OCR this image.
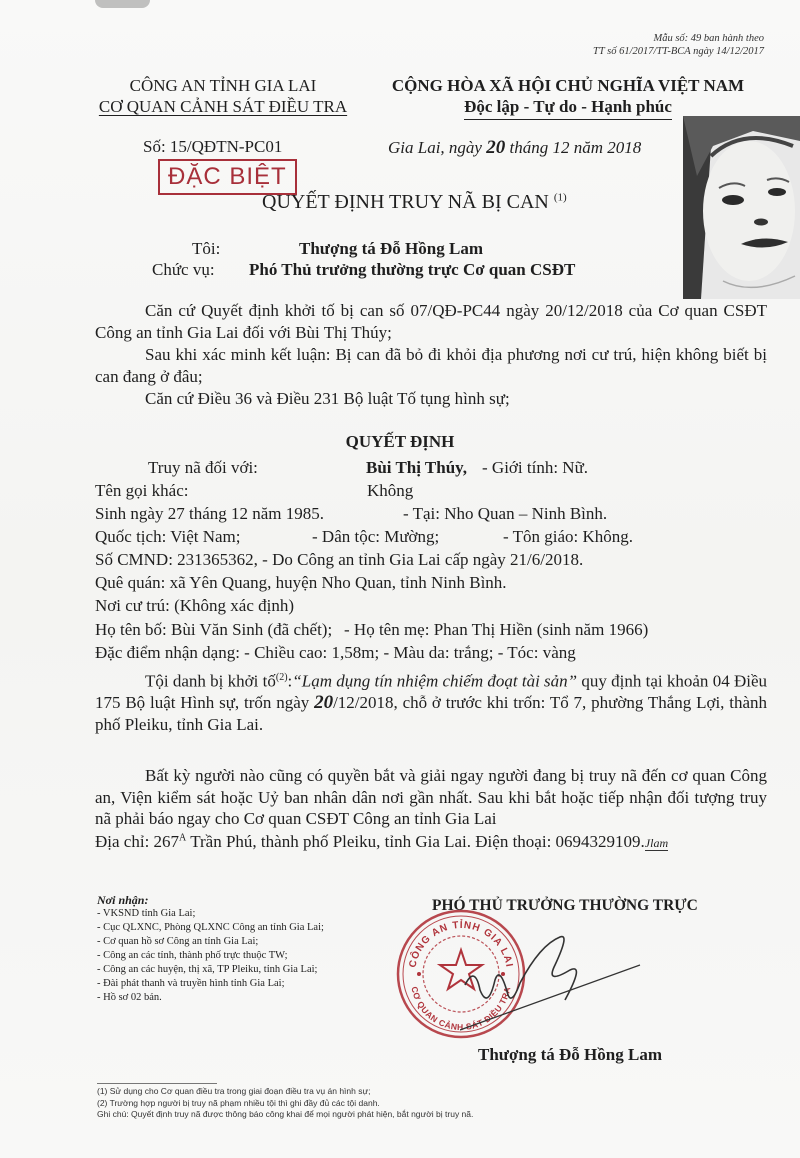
Mẫu số: 49 ban hành theo
TT số 61/2017/TT-BCA ngày 14/12/2017
CÔNG AN TỈNH GIA LAI
CƠ QUAN CẢNH SÁT ĐIỀU TRA
CỘNG HÒA XÃ HỘI CHỦ NGHĨA VIỆT NAM
Độc lập - Tự do - Hạnh phúc
Số: 15/QĐTN-PC01	Gia Lai, ngày 20 tháng 12 năm 2018
ĐẶC BIỆT
QUYẾT ĐỊNH TRUY NÃ BỊ CAN $^{(1)}$
Tôi:	Thượng tá Đỗ Hồng Lam
Chức vụ: Phó Thủ trưởng thường trực Cơ quan CSĐT
Căn cứ Quyết định khởi tố bị can số 07/QĐ-PC44 ngày 20/12/2018 của Cơ quan CSĐT Công an tỉnh Gia Lai đối với Bùi Thị Thúy;
Sau khi xác minh kết luận: Bị can đã bỏ đi khỏi địa phương nơi cư trú, hiện không biết bị can đang ở đâu;
Căn cứ Điều 36 và Điều 231 Bộ luật Tố tụng hình sự;
QUYẾT ĐỊNH
Truy nã đối với:	Bùi Thị Thúy, - Giới tính: Nữ.
Tên gọi khác:	Không
Sinh ngày 27 tháng 12 năm 1985.	- Tại: Nho Quan – Ninh Bình.
Quốc tịch: Việt Nam;	- Dân tộc: Mường;	- Tôn giáo: Không.
Số CMND: 231365362, - Do Công an tỉnh Gia Lai cấp ngày 21/6/2018.
Quê quán: xã Yên Quang, huyện Nho Quan, tỉnh Ninh Bình.
Nơi cư trú: (Không xác định)
Họ tên bố: Bùi Văn Sinh (đã chết); - Họ tên mẹ: Phan Thị Hiền (sinh năm 1966)
Đặc điểm nhận dạng: - Chiều cao: 1,58m; - Màu da: trắng; - Tóc: vàng
Tội danh bị khởi tố$^{(2)}$:“Lạm dụng tín nhiệm chiếm đoạt tài sản” quy định tại khoản 04 Điều 175 Bộ luật Hình sự, trốn ngày 20/12/2018, chỗ ở trước khi trốn: Tổ 7, phường Thắng Lợi, thành phố Pleiku, tỉnh Gia Lai.
Bất kỳ người nào cũng có quyền bắt và giải ngay người đang bị truy nã đến cơ quan Công an, Viện kiểm sát hoặc Uỷ ban nhân dân nơi gần nhất. Sau khi bắt hoặc tiếp nhận đối tượng truy nã phải báo ngay cho Cơ quan CSĐT Công an tỉnh Gia Lai
Địa chỉ: $267^A$ Trần Phú, thành phố Pleiku, tỉnh Gia Lai. Điện thoại: 0694329109.Jlam
Nơi nhận:
- VKSND tỉnh Gia Lai;
- Cục QLXNC, Phòng QLXNC Công an tỉnh Gia Lai;
- Cơ quan hồ sơ Công an tỉnh Gia Lai;
- Công an các tỉnh, thành phố trực thuộc TW;
- Công an các huyện, thị xã, TP Pleiku, tỉnh Gia Lai;
- Đài phát thanh và truyền hình tỉnh Gia Lai;
- Hồ sơ 02 bản.
PHÓ THỦ TRƯỞNG THƯỜNG TRỰC
CÔNG AN TỈNH GIA LAI
CƠ QUAN CẢNH SÁT ĐIỀU TRA
Thượng tá Đỗ Hồng Lam
(1) Sử dụng cho Cơ quan điều tra trong giai đoạn điều tra vụ án hình sự;
(2) Trường hợp người bị truy nã phạm nhiều tội thì ghi đầy đủ các tội danh.
Ghi chú: Quyết định truy nã được thông báo công khai để mọi người phát hiện, bắt người bị truy nã.
